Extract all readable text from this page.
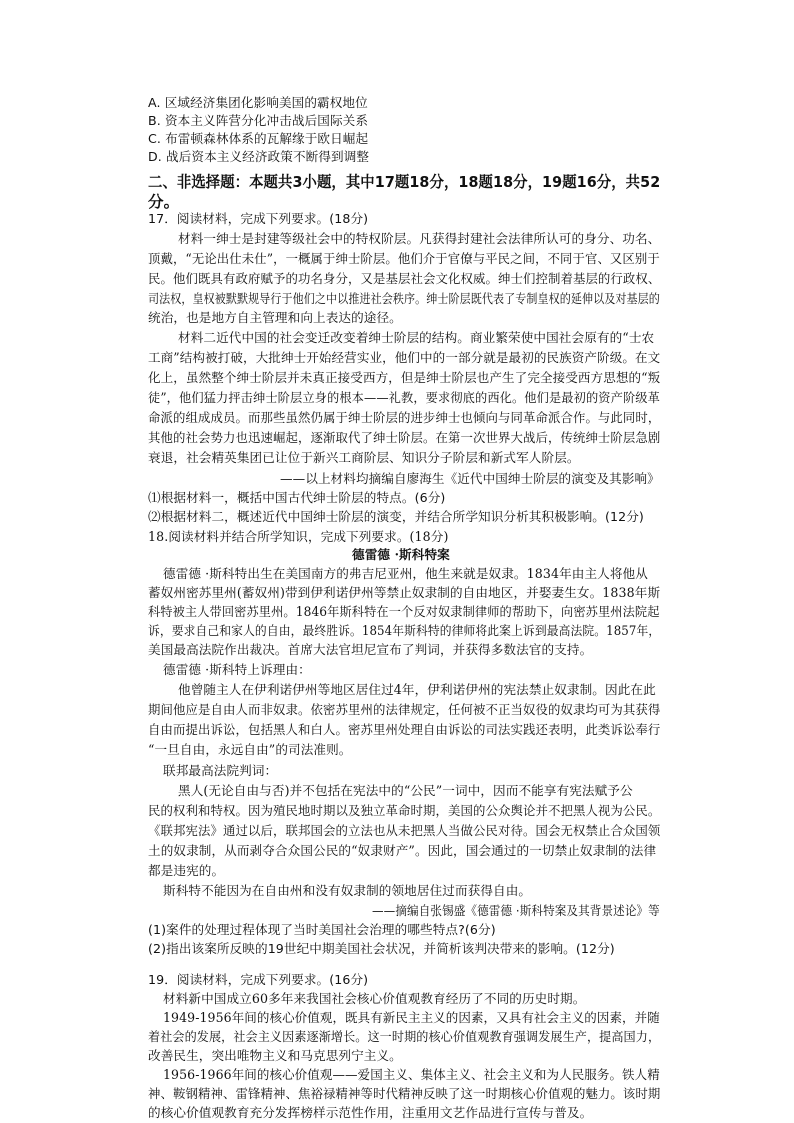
A. 区域经济集团化影响美国的霸权地位
B. 资本主义阵营分化冲击战后国际关系
C. 布雷顿森林体系的瓦解缘于欧日崛起
D. 战后资本主义经济政策不断得到调整
二、非选择题：本题共3小题，其中17题18分，18题18分，19题16分，共52
分。
17．阅读材料，完成下列要求。(18分)
材料一绅士是封建等级社会中的特权阶层。凡获得封建社会法律所认可的身分、功名、
顶戴，“无论出仕未仕”，一概属于绅士阶层。他们介于官僚与平民之间，不同于官、又区别于
民。他们既具有政府赋予的功名身分，又是基层社会文化权威。绅士们控制着基层的行政权、
司法权，皇权被默默规导行于他们之中以推进社会秩序。绅士阶层既代表了专制皇权的延伸以及对基层的
统治，也是地方自主管理和向上表达的途径。
材料二近代中国的社会变迁改变着绅士阶层的结构。商业繁荣使中国社会原有的“士农
工商”结构被打破，大批绅士开始经营实业，他们中的一部分就是最初的民族资产阶级。在文
化上，虽然整个绅士阶层并未真正接受西方，但是绅士阶层也产生了完全接受西方思想的“叛
徒”，他们猛力抨击绅士阶层立身的根本——礼教，要求彻底的西化。他们是最初的资产阶级革
命派的组成成员。而那些虽然仍属于绅士阶层的进步绅士也倾向与同革命派合作。与此同时，
其他的社会势力也迅速崛起，逐渐取代了绅士阶层。在第一次世界大战后，传统绅士阶层急剧
衰退，社会精英集团已让位于新兴工商阶层、知识分子阶层和新式军人阶层。
——以上材料均摘编自廖海生《近代中国绅士阶层的演变及其影响》
⑴根据材料一，概括中国古代绅士阶层的特点。(6分)
⑵根据材料二，概述近代中国绅士阶层的演变，并结合所学知识分析其积极影响。(12分)
18.阅读材料并结合所学知识，完成下列要求。(18分)
德雷德 ·斯科特案
德雷德 ·斯科特出生在美国南方的弗吉尼亚州，他生来就是奴隶。1834年由主人将他从
蓄奴州密苏里州(蓄奴州)带到伊利诺伊州等禁止奴隶制的自由地区，并娶妻生女。1838年斯
科特被主人带回密苏里州。1846年斯科特在一个反对奴隶制律师的帮助下，向密苏里州法院起
诉，要求自己和家人的自由，最终胜诉。1854年斯科特的律师将此案上诉到最高法院。1857年，
美国最高法院作出裁决。首席大法官坦尼宣布了判词，并获得多数法官的支持。
德雷德 ·斯科特上诉理由：
他曾随主人在伊利诺伊州等地区居住过4年，伊利诺伊州的宪法禁止奴隶制。因此在此
期间他应是自由人而非奴隶。依密苏里州的法律规定，任何被不正当奴役的奴隶均可为其获得
自由而提出诉讼，包括黑人和白人。密苏里州处理自由诉讼的司法实践还表明，此类诉讼奉行
“一旦自由，永远自由”的司法准则。
联邦最高法院判词：
黑人(无论自由与否)并不包括在宪法中的“公民”一词中，因而不能享有宪法赋予公
民的权利和特权。因为殖民地时期以及独立革命时期，美国的公众舆论并不把黑人视为公民。
《联邦宪法》通过以后，联邦国会的立法也从未把黑人当做公民对待。国会无权禁止合众国领
土的奴隶制，从而剥夺合众国公民的“奴隶财产”。因此，国会通过的一切禁止奴隶制的法律
都是违宪的。
斯科特不能因为在自由州和没有奴隶制的领地居住过而获得自由。
——摘编自张锡盛《德雷德 ·斯科特案及其背景述论》等
(1)案件的处理过程体现了当时美国社会治理的哪些特点?(6分)
(2)指出该案所反映的19世纪中期美国社会状况，并简析该判决带来的影响。(12分)
19．阅读材料，完成下列要求。(16分)
材料新中国成立60多年来我国社会核心价值观教育经历了不同的历史时期。
1949-1956年间的核心价值观，既具有新民主主义的因素，又具有社会主义的因素，并随
着社会的发展，社会主义因素逐渐增长。这一时期的核心价值观教育强调发展生产，提高国力，
改善民生，突出唯物主义和马克思列宁主义。
1956-1966年间的核心价值观——爱国主义、集体主义、社会主义和为人民服务。铁人精
神、鞍钢精神、雷锋精神、焦裕禄精神等时代精神反映了这一时期核心价值观的魅力。该时期
的核心价值观教育充分发挥榜样示范性作用，注重用文艺作品进行宣传与普及。
